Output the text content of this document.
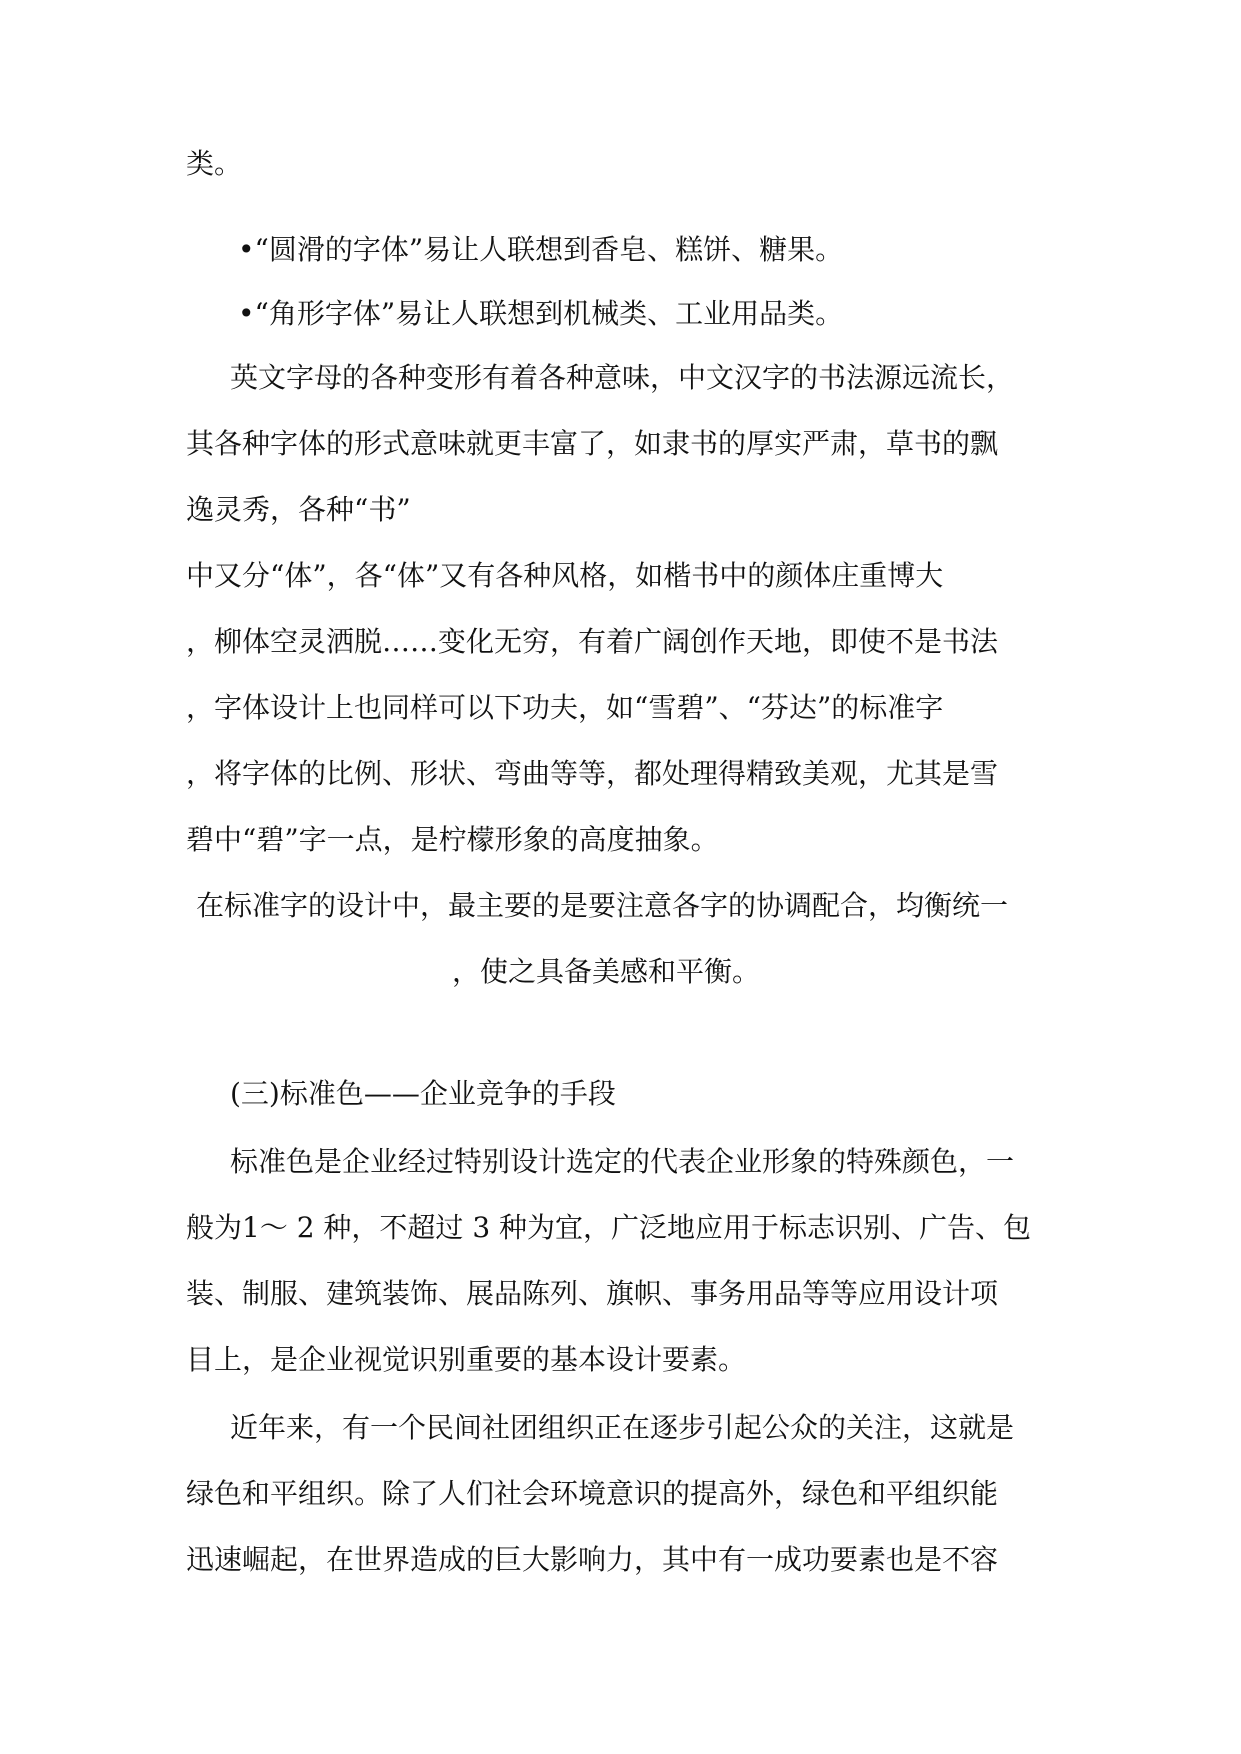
类。
•“圆滑的字体”易让人联想到香皂、糕饼、糖果。
•“角形字体”易让人联想到机械类、工业用品类。
英文字母的各种变形有着各种意味，中文汉字的书法源远流长，
其各种字体的形式意味就更丰富了，如隶书的厚实严肃，草书的飘
逸灵秀，各种“书”
中又分“体”，各“体”又有各种风格，如楷书中的颜体庄重博大
，柳体空灵洒脱……变化无穷，有着广阔创作天地，即使不是书法
，字体设计上也同样可以下功夫，如“雪碧”、“芬达”的标准字
，将字体的比例、形状、弯曲等等，都处理得精致美观，尤其是雪
碧中“碧”字一点，是柠檬形象的高度抽象。
在标准字的设计中，最主要的是要注意各字的协调配合，均衡统一
，使之具备美感和平衡。
(三)标准色——企业竞争的手段
标准色是企业经过特别设计选定的代表企业形象的特殊颜色，一
般为1～ 2 种，不超过 3 种为宜，广泛地应用于标志识别、广告、包
装、制服、建筑装饰、展品陈列、旗帜、事务用品等等应用设计项
目上，是企业视觉识别重要的基本设计要素。
近年来，有一个民间社团组织正在逐步引起公众的关注，这就是
绿色和平组织。除了人们社会环境意识的提高外，绿色和平组织能
迅速崛起，在世界造成的巨大影响力，其中有一成功要素也是不容
